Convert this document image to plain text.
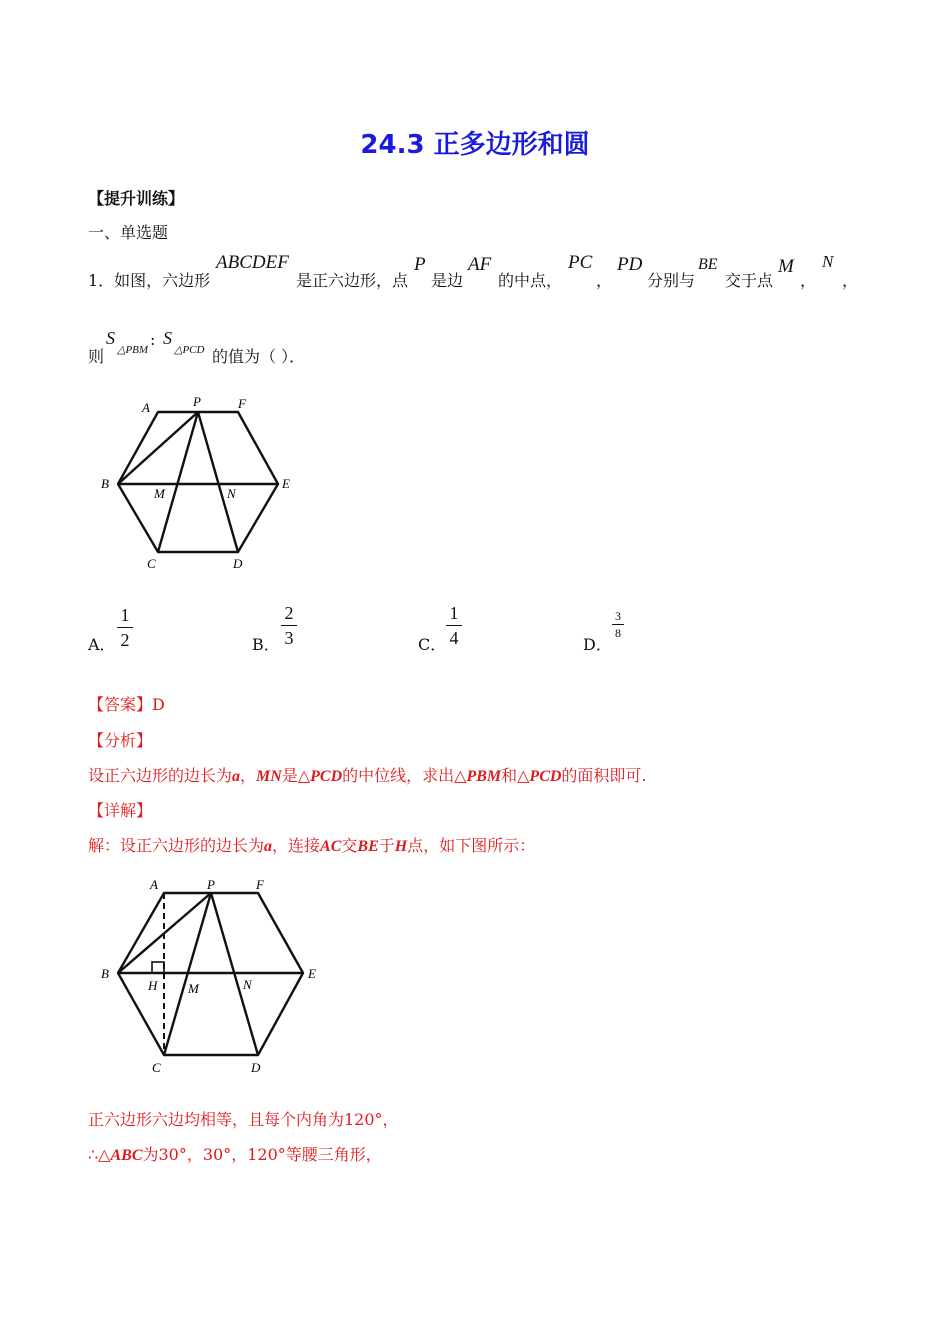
24.3 正多边形和圆
【提升训练】
一、单选题
1．如图，六边形
ABCDEF
是正六边形，点
P
是边
AF
的中点，
PC
，
PD
分别与
BE
交于点
M
，
N
，
则
S
△PBM
: S
△PCD 的值为（ ）．
A	P	F
B
M	N
E
C	D
A．
1
2	B．
2
3	C．
1
4	D．
3
8
【答案】D
【分析】
设正六边形的边长为a，MN是△PCD的中位线，求出△PBM和△PCD的面积即可.
【详解】
解：设正六边形的边长为a，连接AC交BE于H点，如下图所示：
A	P	F
B
H M	N
E
C	D
正六边形六边均相等，且每个内角为120°，
∴△ABC为30°，30°，120°等腰三角形，
